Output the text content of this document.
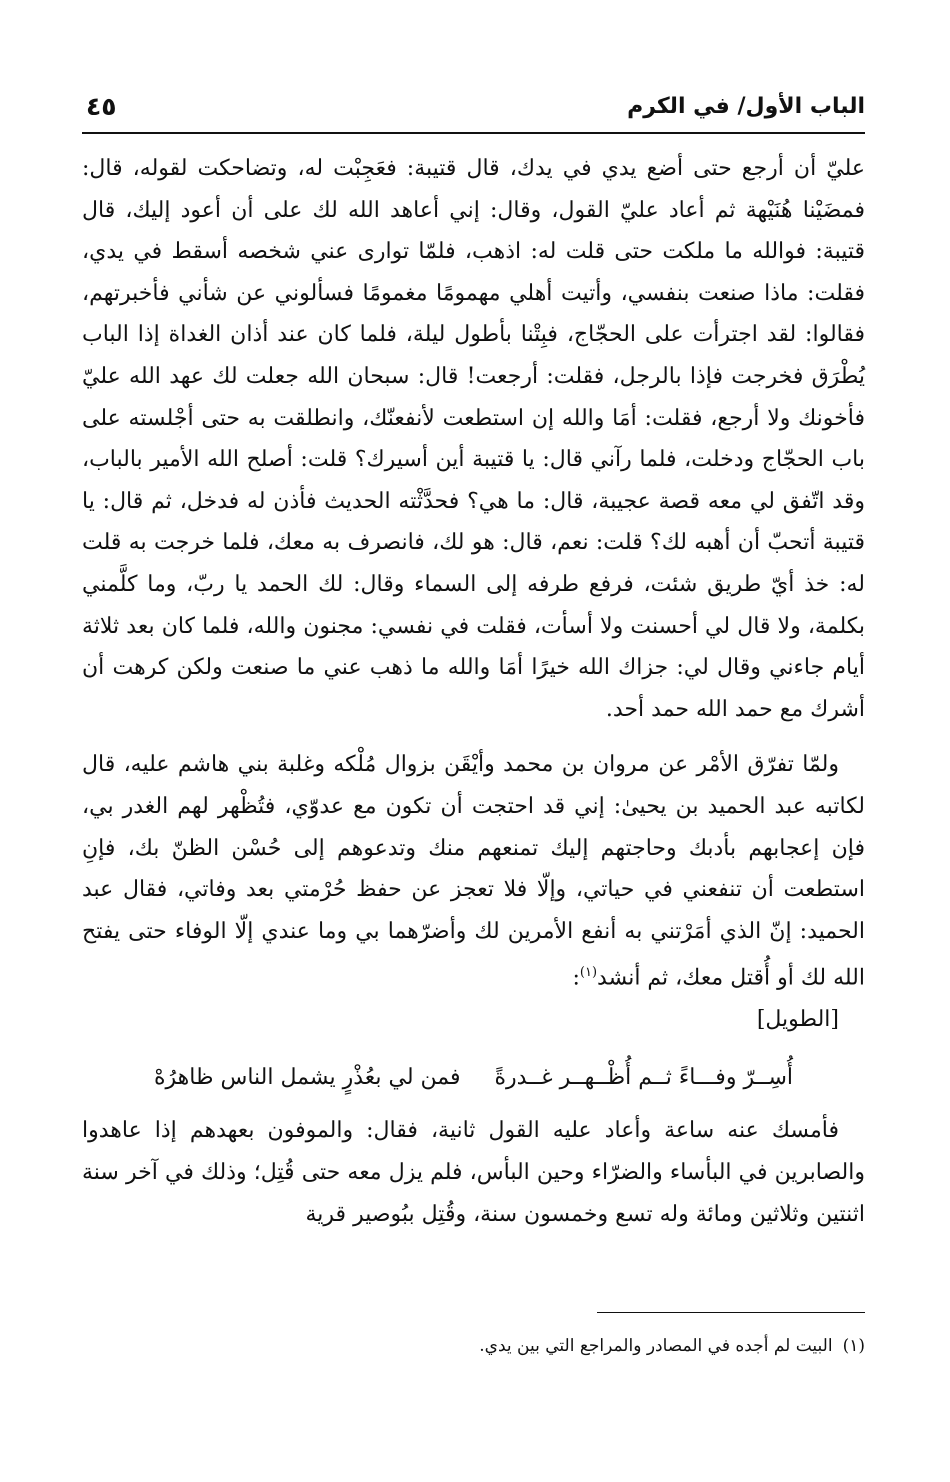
الباب الأول/ في الكرم
٤٥

عليّ أن أرجع حتى أضع يدي في يدك، قال قتيبة: فعَجِبْت له، وتضاحكت لقوله، قال: فمضَيْنا هُنَيْهة ثم أعاد عليّ القول، وقال: إني أعاهد الله لك على أن أعود إليك، قال قتيبة: فوالله ما ملكت حتى قلت له: اذهب، فلمّا توارى عني شخصه أسقط في يدي، فقلت: ماذا صنعت بنفسي، وأتيت أهلي مهمومًا مغمومًا فسألوني عن شأني فأخبرتهم، فقالوا: لقد اجترأت على الحجّاج، فبِتْنا بأطول ليلة، فلما كان عند أذان الغداة إذا الباب يُطْرَق فخرجت فإذا بالرجل، فقلت: أرجعت! قال: سبحان الله جعلت لك عهد الله عليّ فأخونك ولا أرجع، فقلت: أمَا والله إن استطعت لأنفعنّك، وانطلقت به حتى أجْلسته على باب الحجّاج ودخلت، فلما رآني قال: يا قتيبة أين أسيرك؟ قلت: أصلح الله الأمير بالباب، وقد اتّفق لي معه قصة عجيبة، قال: ما هي؟ فحدَّثْته الحديث فأذن له فدخل، ثم قال: يا قتيبة أتحبّ أن أهبه لك؟ قلت: نعم، قال: هو لك، فانصرف به معك، فلما خرجت به قلت له: خذ أيّ طريق شئت، فرفع طرفه إلى السماء وقال: لك الحمد يا ربّ، وما كلَّمني بكلمة، ولا قال لي أحسنت ولا أسأت، فقلت في نفسي: مجنون والله، فلما كان بعد ثلاثة أيام جاءني وقال لي: جزاك الله خيرًا أمَا والله ما ذهب عني ما صنعت ولكن كرهت أن أشرك مع حمد الله حمد أحد.

ولمّا تفرّق الأمْر عن مروان بن محمد وأيْقَن بزوال مُلْكه وغلبة بني هاشم عليه، قال لكاتبه عبد الحميد بن يحيىٰ: إني قد احتجت أن تكون مع عدوّي، فتُظْهر لهم الغدر بي، فإن إعجابهم بأدبك وحاجتهم إليك تمنعهم منك وتدعوهم إلى حُسْن الظنّ بك، فإنِ استطعت أن تنفعني في حياتي، وإلّا فلا تعجز عن حفظ حُرْمتي بعد وفاتي، فقال عبد الحميد: إنّ الذي أمَرْتني به أنفع الأمرين لك وأضرّهما بي وما عندي إلّا الوفاء حتى يفتح الله لك أو أُقتل معك، ثم أنشد$^{(١)}$:
[الطويل]

أُسِــرّ وفـــاءً ثــم أُظْــهــر غــدرةً
فمن لي بعُذْرٍ يشمل الناس ظاهرُهْ

فأمسك عنه ساعة وأعاد عليه القول ثانية، فقال: والموفون بعهدهم إذا عاهدوا والصابرين في البأساء والضرّاء وحين البأس، فلم يزل معه حتى قُتِل؛ وذلك في آخر سنة اثنتين وثلاثين ومائة وله تسع وخمسون سنة، وقُتِل ببُوصير قرية

(١)البيت لم أجده في المصادر والمراجع التي بين يدي.
